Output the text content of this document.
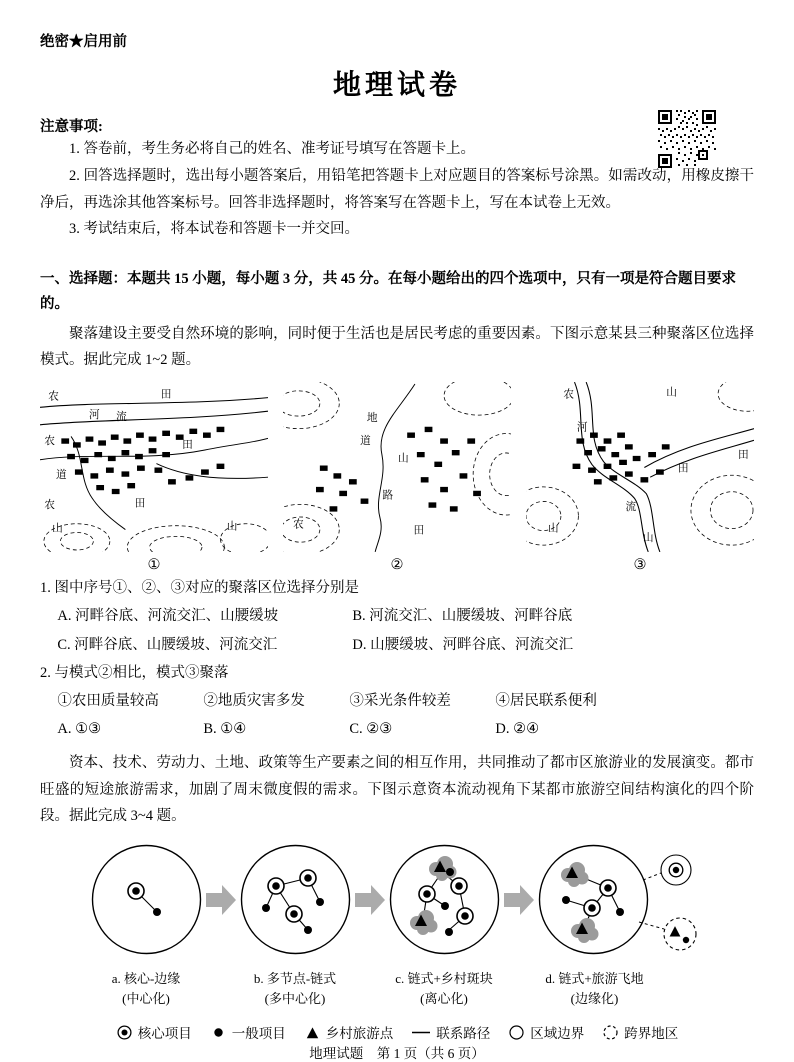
绝密★启用前
地理试卷
注意事项:

1. 答卷前，考生务必将自己的姓名、准考证号填写在答题卡上。

2. 回答选择题时，选出每小题答案后，用铅笔把答题卡上对应题目的答案标号涂黑。如需改动，用橡皮擦干净后，再选涂其他答案标号。回答非选择题时，将答案写在答题卡上，写在本试卷上无效。

3. 考试结束后，将本试卷和答题卡一并交回。

一、选择题：本题共 15 小题，每小题 3 分，共 45 分。在每小题给出的四个选项中，只有一项是符合题目要求的。

聚落建设主要受自然环境的影响，同时便于生活也是居民考虑的重要因素。下图示意某县三种聚落区位选择模式。据此完成 1~2 题。

农	田
河 流
农	田
道
农
山
田
山
①
地
道
山
路
农	田
②
农	山
河
田
田
流
山
山
③
1. 图中序号①、②、③对应的聚落区位选择分别是
A. 河畔谷底、河流交汇、山腰缓坡	B. 河流交汇、山腰缓坡、河畔谷底
C. 河畔谷底、山腰缓坡、河流交汇	D. 山腰缓坡、河畔谷底、河流交汇
2. 与模式②相比，模式③聚落
①农田质量较高	②地质灾害多发	③采光条件较差	④居民联系便利
A. ①③	B. ①④	C. ②③	D. ②④

资本、技术、劳动力、土地、政策等生产要素之间的相互作用，共同推动了都市区旅游业的发展演变。都市旺盛的短途旅游需求，加剧了周末微度假的需求。下图示意资本流动视角下某都市旅游空间结构演化的四个阶段。据此完成 3~4 题。

a. 核心-边缘
(中心化)
b. 多节点-链式
(多中心化)
c. 链式+乡村斑块
(离心化)
d. 链式+旅游飞地
(边缘化)
核心项目	一般项目	乡村旅游点	联系路径	区域边界	跨界地区
地理试题　第 1 页（共 6 页）
